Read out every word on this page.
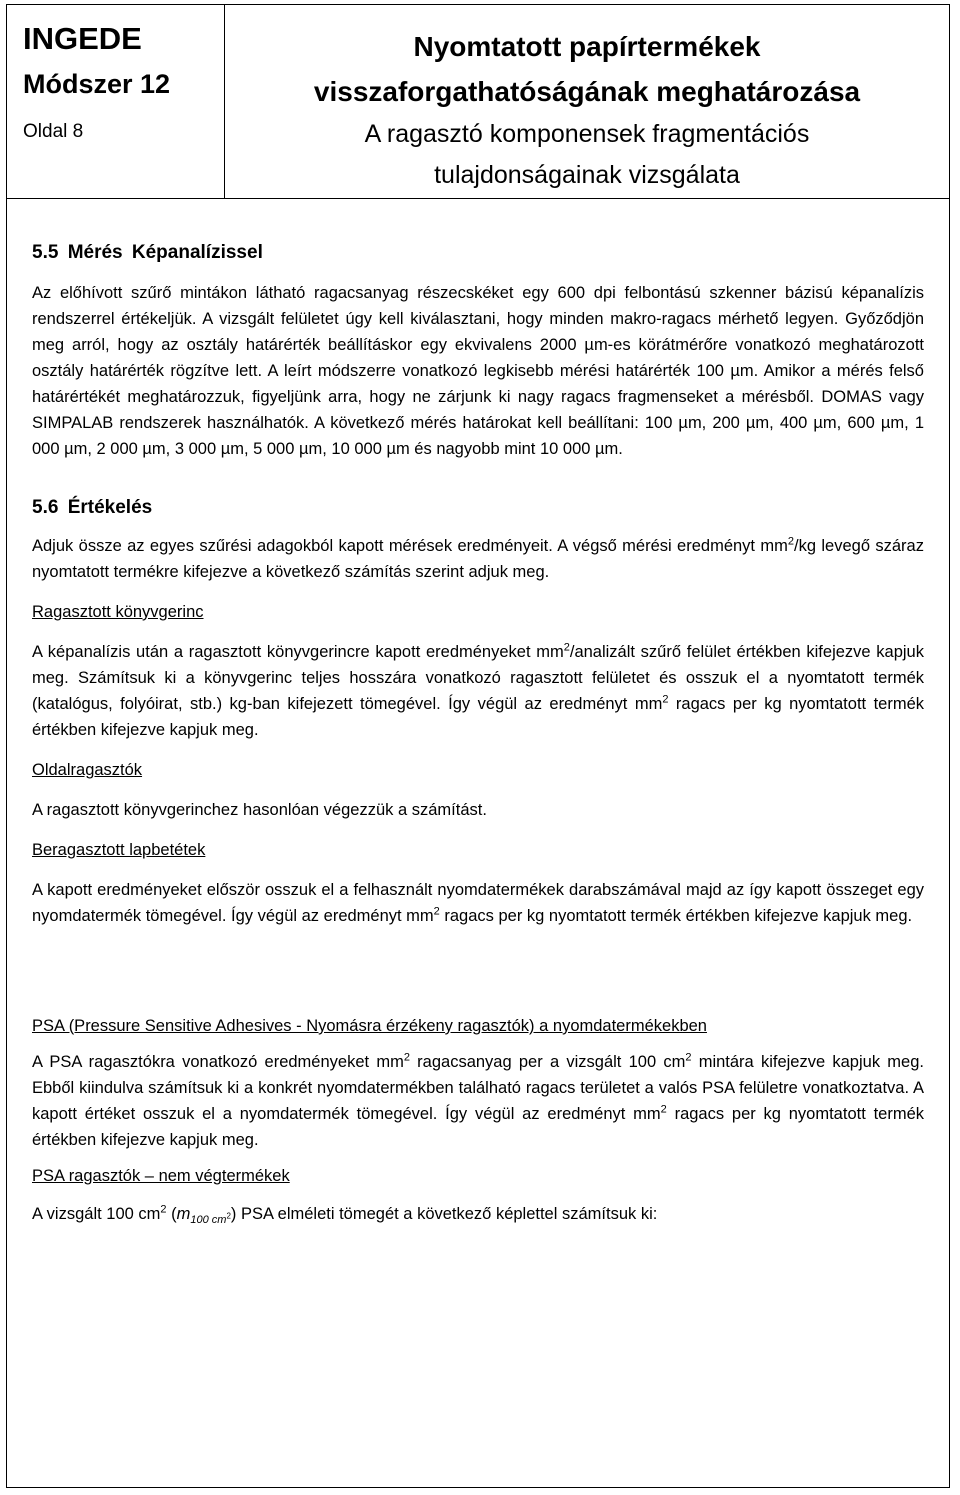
INGEDE
Módszer 12
Oldal 8
Nyomtatott papírtermékek
visszaforgathatóságának meghatározása
A ragasztó komponensek fragmentációs
tulajdonságainak vizsgálata
5.5 Mérés Képanalízissel

Az előhívott szűrő mintákon látható ragacsanyag részecskéket egy 600 dpi felbontású szkenner bázisú képanalízis rendszerrel értékeljük. A vizsgált felületet úgy kell kiválasztani, hogy minden makro-ragacs mérhető legyen. Győződjön meg arról, hogy az osztály határérték beállításkor egy ekvivalens 2000 µm-es körátmérőre vonatkozó meghatározott osztály határérték rögzítve lett. A leírt módszerre vonatkozó legkisebb mérési határérték 100 µm. Amikor a mérés felső határértékét meghatározzuk, figyeljünk arra, hogy ne zárjunk ki nagy ragacs fragmenseket a mérésből. DOMAS vagy SIMPALAB rendszerek használhatók. A következő mérés határokat kell beállítani: 100 µm, 200 µm, 400 µm, 600 µm, 1 000 µm, 2 000 µm, 3 000 µm, 5 000 µm, 10 000 µm és nagyobb mint 10 000 µm.

5.6 Értékelés

Adjuk össze az egyes szűrési adagokból kapott mérések eredményeit. A végső mérési eredményt $mm^2/kg$ levegő száraz nyomtatott termékre kifejezve a következő számítás szerint adjuk meg.

Ragasztott könyvgerinc

A képanalízis után a ragasztott könyvgerincre kapott eredményeket $mm^2$/analizált szűrő felület értékben kifejezve kapjuk meg. Számítsuk ki a könyvgerinc teljes hosszára vonatkozó ragasztott felületet és osszuk el a nyomtatott termék (katalógus, folyóirat, stb.) kg-ban kifejezett tömegével. Így végül az eredményt $mm^2$ ragacs per kg nyomtatott termék értékben kifejezve kapjuk meg.

Oldalragasztók

A ragasztott könyvgerinchez hasonlóan végezzük a számítást.

Beragasztott lapbetétek

A kapott eredményeket először osszuk el a felhasznált nyomdatermékek darabszámával majd az így kapott összeget egy nyomdatermék tömegével. Így végül az eredményt $mm^2$ ragacs per kg nyomtatott termék értékben kifejezve kapjuk meg.

PSA (Pressure Sensitive Adhesives - Nyomásra érzékeny ragasztók) a nyomdatermékekben

A PSA ragasztókra vonatkozó eredményeket $mm^2$ ragacsanyag per a vizsgált 100 $cm^2$ mintára kifejezve kapjuk meg. Ebből kiindulva számítsuk ki a konkrét nyomdatermékben található ragacs területet a valós PSA felületre vonatkoztatva. A kapott értéket osszuk el a nyomdatermék tömegével. Így végül az eredményt $mm^2$ ragacs per kg nyomtatott termék értékben kifejezve kapjuk meg.

PSA ragasztók – nem végtermékek

A vizsgált 100 $cm^2$ $(m_{100 cm^2})$ PSA elméleti tömegét a következő képlettel számítsuk ki:
